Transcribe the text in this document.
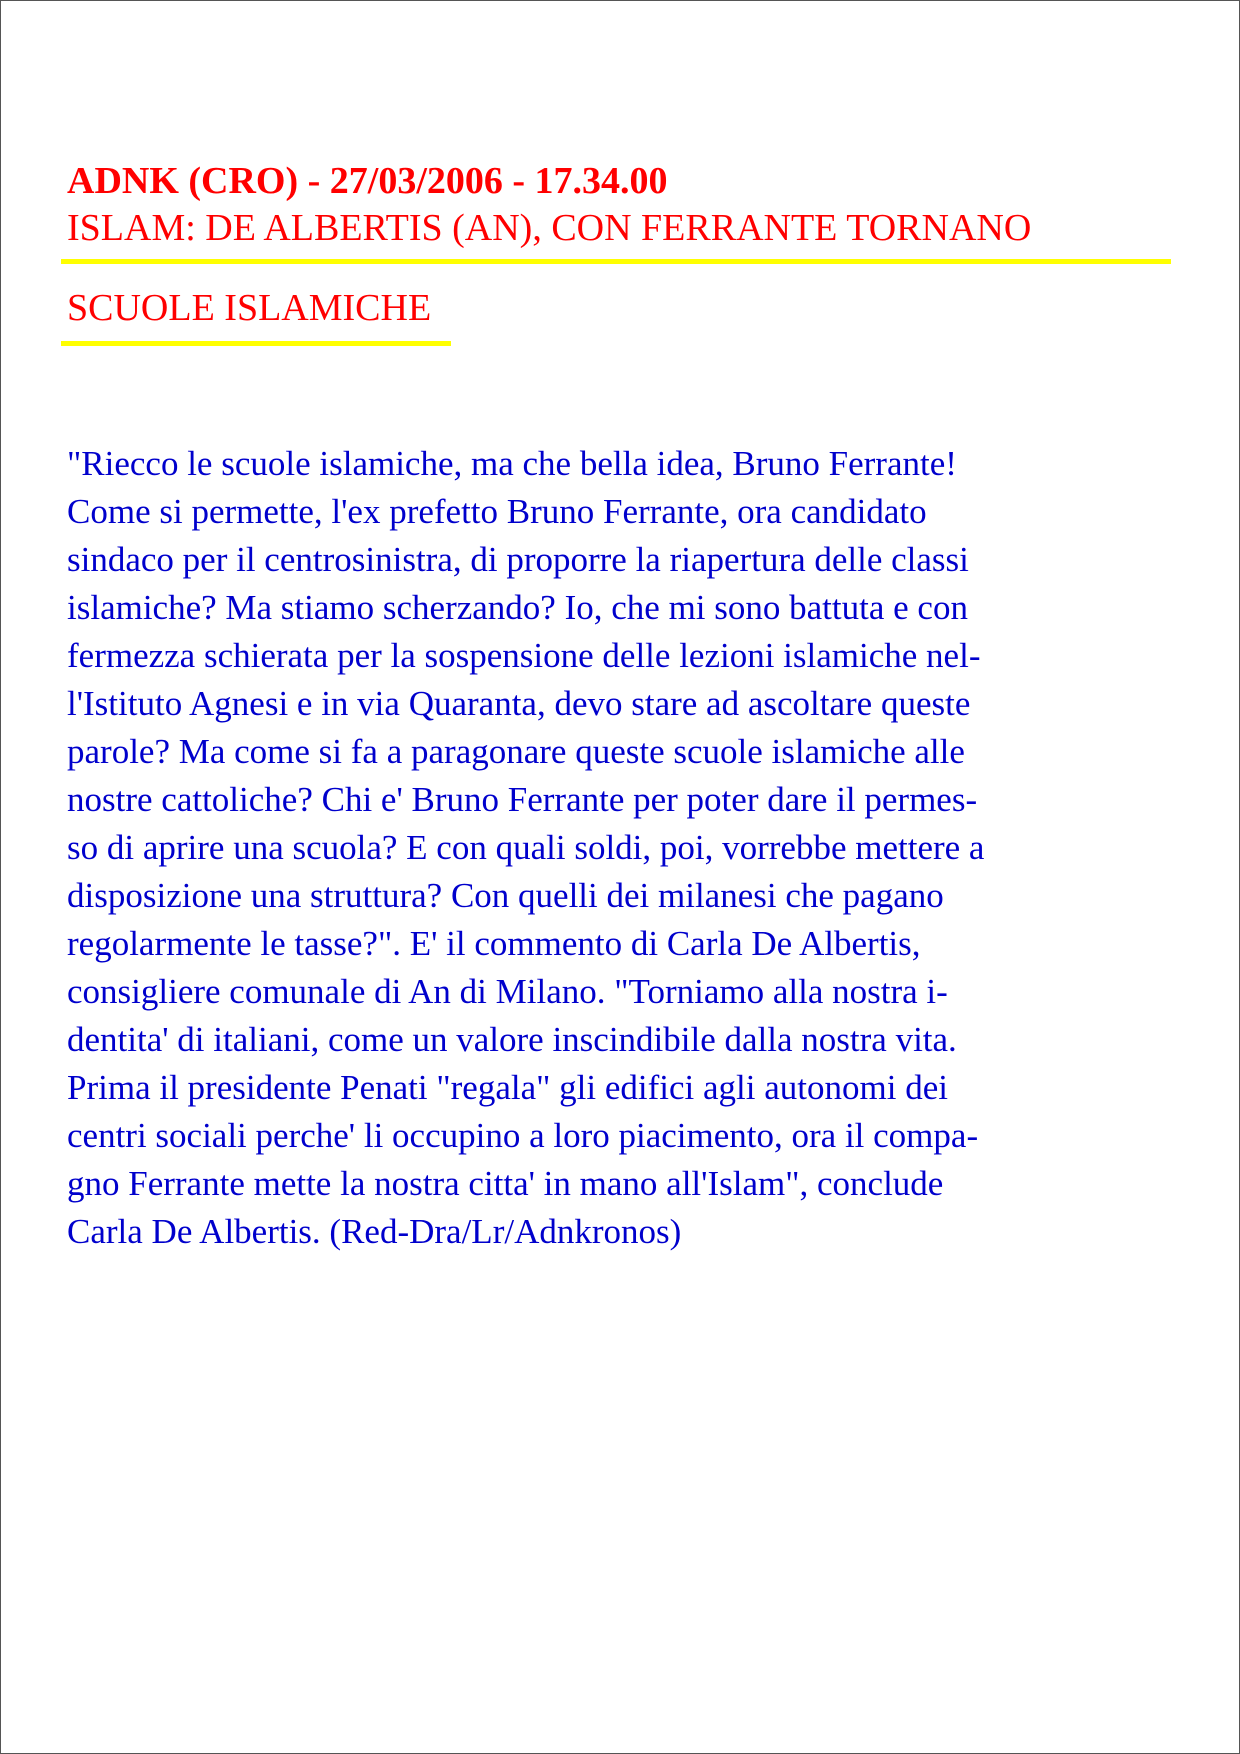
ADNK (CRO) - 27/03/2006 - 17.34.00
ISLAM: DE ALBERTIS (AN), CON FERRANTE TORNANO
SCUOLE ISLAMICHE
"Riecco le scuole islamiche, ma che bella idea, Bruno Ferrante!
Come si permette, l'ex prefetto Bruno Ferrante, ora candidato
sindaco per il centrosinistra, di proporre la riapertura delle classi
islamiche? Ma stiamo scherzando? Io, che mi sono battuta e con
fermezza schierata per la sospensione delle lezioni islamiche nel-
l'Istituto Agnesi e in via Quaranta, devo stare ad ascoltare queste
parole? Ma come si fa a paragonare queste scuole islamiche alle
nostre cattoliche? Chi e' Bruno Ferrante per poter dare il permes-
so di aprire una scuola? E con quali soldi, poi, vorrebbe mettere a
disposizione una struttura? Con quelli dei milanesi che pagano
regolarmente le tasse?". E' il commento di Carla De Albertis,
consigliere comunale di An di Milano. "Torniamo alla nostra i-
dentita' di italiani, come un valore inscindibile dalla nostra vita.
Prima il presidente Penati "regala" gli edifici agli autonomi dei
centri sociali perche' li occupino a loro piacimento, ora il compa-
gno Ferrante mette la nostra citta' in mano all'Islam", conclude
Carla De Albertis. (Red-Dra/Lr/Adnkronos)
